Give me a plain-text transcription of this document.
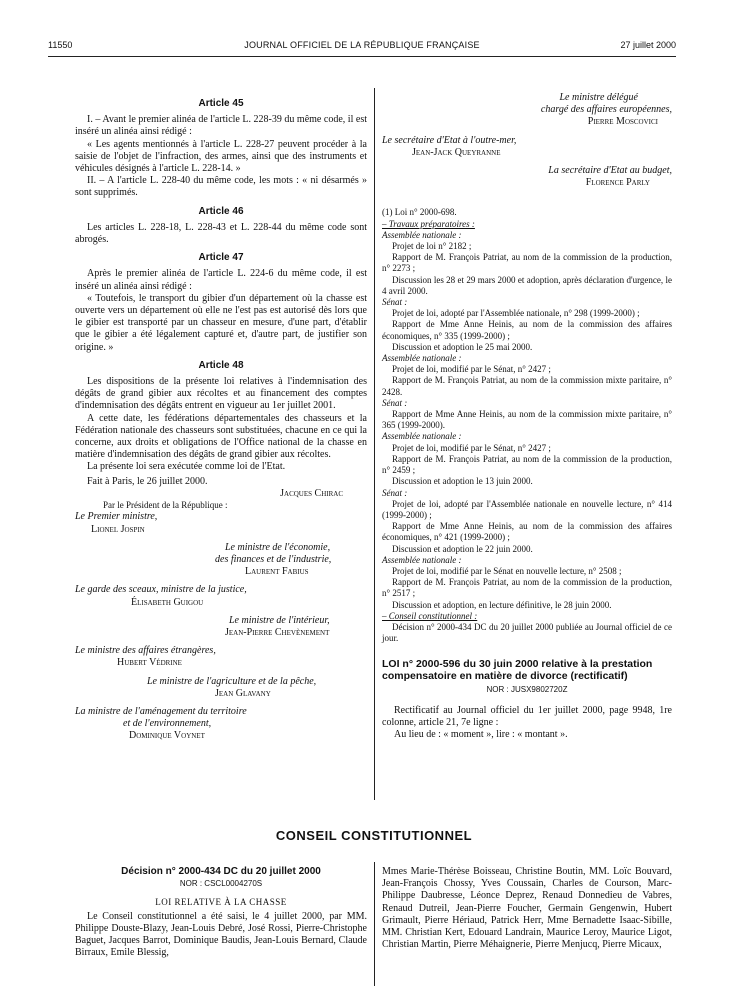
11550	JOURNAL OFFICIEL DE LA RÉPUBLIQUE FRANÇAISE	27 juillet 2000
Article 45

I. – Avant le premier alinéa de l'article L. 228-39 du même code, il est inséré un alinéa ainsi rédigé :

« Les agents mentionnés à l'article L. 228-27 peuvent procéder à la saisie de l'objet de l'infraction, des armes, ainsi que des instruments et véhicules désignés à l'article L. 228-14. »

II. – A l'article L. 228-40 du même code, les mots : « ni désarmés » sont supprimés.

Article 46

Les articles L. 228-18, L. 228-43 et L. 228-44 du même code sont abrogés.

Article 47

Après le premier alinéa de l'article L. 224-6 du même code, il est inséré un alinéa ainsi rédigé :

« Toutefois, le transport du gibier d'un département où la chasse est ouverte vers un département où elle ne l'est pas est autorisé dès lors que le gibier est transporté par un chasseur en mesure, d'une part, d'établir que le gibier a été légalement capturé et, d'autre part, de justifier son origine. »

Article 48

Les dispositions de la présente loi relatives à l'indemnisation des dégâts de grand gibier aux récoltes et au financement des comptes d'indemnisation des dégâts entrent en vigueur au 1er juillet 2001.

A cette date, les fédérations départementales des chasseurs et la Fédération nationale des chasseurs sont substituées, chacune en ce qui la concerne, aux droits et obligations de l'Office national de la chasse en matière d'indemnisation des dégâts de grand gibier aux récoltes.

La présente loi sera exécutée comme loi de l'Etat.

Fait à Paris, le 26 juillet 2000.

Jacques Chirac
Par le Président de la République :
Le Premier ministre,
Lionel Jospin
Le ministre de l'économie,
des finances et de l'industrie,
Laurent Fabius
Le garde des sceaux, ministre de la justice,
Élisabeth Guigou
Le ministre de l'intérieur,
Jean-Pierre Chevènement
Le ministre des affaires étrangères,
Hubert Védrine
Le ministre de l'agriculture et de la pêche,
Jean Glavany
La ministre de l'aménagement du territoire
et de l'environnement,
Dominique Voynet
Le ministre délégué
chargé des affaires européennes,
Pierre Moscovici
Le secrétaire d'Etat à l'outre-mer,
Jean-Jack Queyranne
La secrétaire d'Etat au budget,
Florence Parly

(1) Loi n° 2000-698.

– Travaux préparatoires :

Assemblée nationale :

Projet de loi n° 2182 ;

Rapport de M. François Patriat, au nom de la commission de la production, n° 2273 ;

Discussion les 28 et 29 mars 2000 et adoption, après déclaration d'urgence, le 4 avril 2000.

Sénat :

Projet de loi, adopté par l'Assemblée nationale, n° 298 (1999-2000) ;

Rapport de Mme Anne Heinis, au nom de la commission des affaires économiques, n° 335 (1999-2000) ;

Discussion et adoption le 25 mai 2000.

Assemblée nationale :

Projet de loi, modifié par le Sénat, n° 2427 ;

Rapport de M. François Patriat, au nom de la commission mixte paritaire, n° 2428.

Sénat :

Rapport de Mme Anne Heinis, au nom de la commission mixte paritaire, n° 365 (1999-2000).

Assemblée nationale :

Projet de loi, modifié par le Sénat, n° 2427 ;

Rapport de M. François Patriat, au nom de la commission de la production, n° 2459 ;

Discussion et adoption le 13 juin 2000.

Sénat :

Projet de loi, adopté par l'Assemblée nationale en nouvelle lecture, n° 414 (1999-2000) ;

Rapport de Mme Anne Heinis, au nom de la commission des affaires économiques, n° 421 (1999-2000) ;

Discussion et adoption le 22 juin 2000.

Assemblée nationale :

Projet de loi, modifié par le Sénat en nouvelle lecture, n° 2508 ;

Rapport de M. François Patriat, au nom de la commission de la production, n° 2517 ;

Discussion et adoption, en lecture définitive, le 28 juin 2000.

– Conseil constitutionnel :

Décision n° 2000-434 DC du 20 juillet 2000 publiée au Journal officiel de ce jour.

LOI n° 2000-596 du 30 juin 2000 relative à la prestation compensatoire en matière de divorce (rectificatif)
NOR : JUSX9802720Z

Rectificatif au Journal officiel du 1er juillet 2000, page 9948, 1re colonne, article 21, 7e ligne :

Au lieu de : « moment », lire : « montant ».

CONSEIL CONSTITUTIONNEL
Décision n° 2000-434 DC du 20 juillet 2000
NOR : CSCL0004270S
LOI RELATIVE À LA CHASSE

Le Conseil constitutionnel a été saisi, le 4 juillet 2000, par MM. Philippe Douste-Blazy, Jean-Louis Debré, José Rossi, Pierre-Christophe Baguet, Jacques Barrot, Dominique Baudis, Jean-Louis Bernard, Claude Birraux, Emile Blessig,

Mmes Marie-Thérèse Boisseau, Christine Boutin, MM. Loïc Bouvard, Jean-François Chossy, Yves Coussain, Charles de Courson, Marc-Philippe Daubresse, Léonce Deprez, Renaud Donnedieu de Vabres, Renaud Dutreil, Jean-Pierre Foucher, Germain Gengenwin, Hubert Grimault, Pierre Hériaud, Patrick Herr, Mme Bernadette Isaac-Sibille, MM. Christian Kert, Edouard Landrain, Maurice Leroy, Maurice Ligot, Christian Martin, Pierre Méhaignerie, Pierre Menjucq, Pierre Micaux,
